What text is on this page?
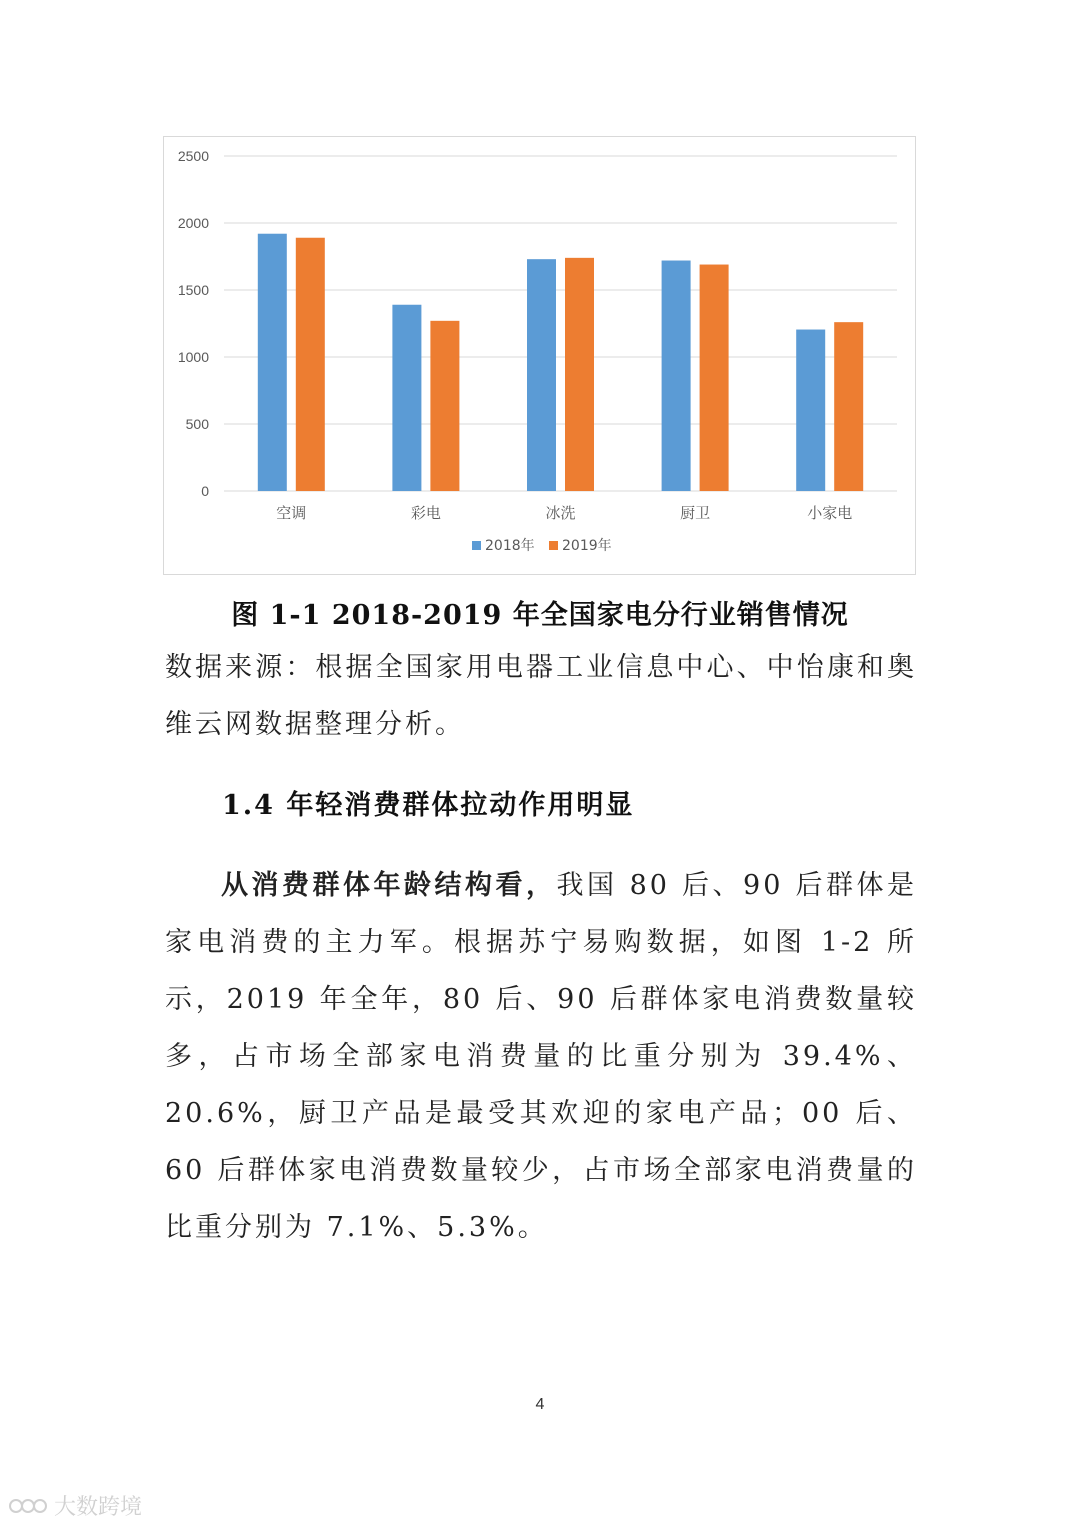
0
500
1000
1500
2000
2500
空调	彩电	冰洗	厨卫	小家电
2018年 2019年
图 1-1 2018-2019 年全国家电分行业销售情况
数据来源：根据全国家用电器工业信息中心、中怡康和奥维云网数据整理分析。
1.4 年轻消费群体拉动作用明显
从消费群体年龄结构看，我国 80 后、90 后群体是家电消费的主力军。根据苏宁易购数据，如图 1-2 所示，2019 年全年，80 后、90 后群体家电消费数量较多，占市场全部家电消费量的比重分别为 39.4%、20.6%，厨卫产品是最受其欢迎的家电产品；00 后、60 后群体家电消费数量较少，占市场全部家电消费量的比重分别为 7.1%、5.3%。
4
大数跨境
